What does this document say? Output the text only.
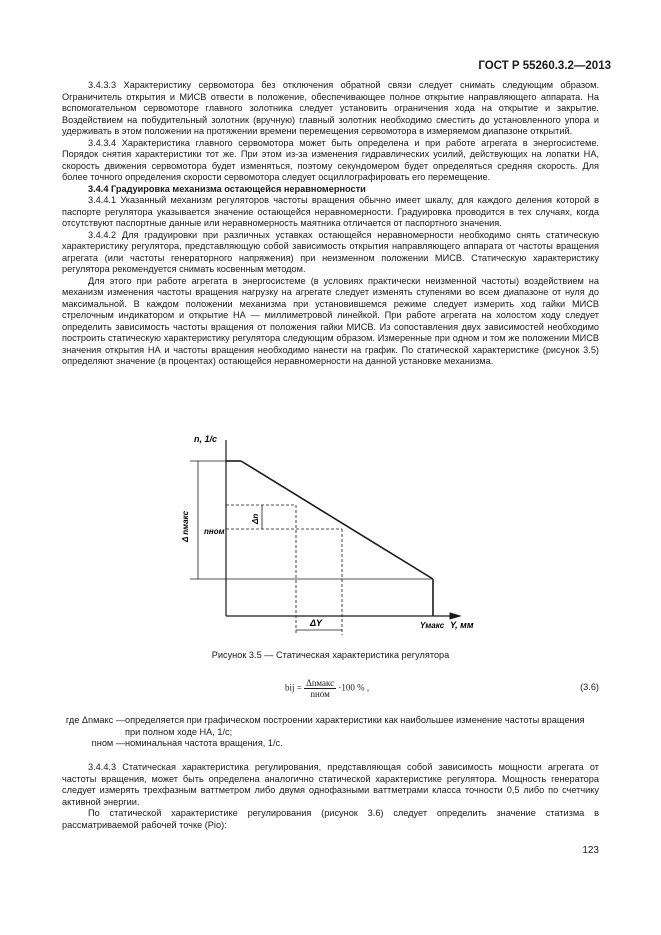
ГОСТ Р 55260.3.2—2013

3.4.3.3 Характеристику сервомотора без отключения обратной связи следует снимать следующим образом. Ограничитель открытия и МИСВ отвести в положение, обеспечивающее полное открытие направляющего аппарата. На вспомогательном сервомоторе главного золотника следует установить ограничения хода на открытие и закрытие. Воздействием на побудительный золотник (вручную) главный золотник необходимо сместить до установленного упора и удерживать в этом положении на протяжении времени перемещения сервомотора в измеряемом диапазоне открытий.

3.4.3.4 Характеристика главного сервомотора может быть определена и при работе агрегата в энергосистеме. Порядок снятия характеристики тот же. При этом из-за изменения гидравлических усилий, действующих на лопатки НА, скорость движения сервомотора будет изменяться, поэтому секундомером будет определяться средняя скорость. Для более точного определения скорости сервомотора следует осциллографировать его перемещение.

3.4.4 Градуировка механизма остающейся неравномерности

3.4.4.1 Указанный механизм регуляторов частоты вращения обычно имеет шкалу, для каждого деления которой в паспорте регулятора указывается значение остающейся неравномерности. Градуировка проводится в тех случаях, когда отсутствуют паспортные данные или неравномерность маятника отличается от паспортного значения.

3.4.4.2 Для градуировки при различных уставках остающейся неравномерности необходимо снять статическую характеристику регулятора, представляющую собой зависимость открытия направляющего аппарата от частоты вращения агрегата (или частоты генераторного напряжения) при неизменном положении МИСВ. Статическую характеристику регулятора рекомендуется снимать косвенным методом.

Для этого при работе агрегата в энергосистеме (в условиях практически неизменной частоты) воздействием на механизм изменения частоты вращения нагрузку на агрегате следует изменять ступенями во всем диапазоне от нуля до максимальной. В каждом положении механизма при установившемся режиме следует измерить ход гайки МИСВ стрелочным индикатором и открытие НА — миллиметровой линейкой. При работе агрегата на холостом ходу следует определить зависимость частоты вращения от положения гайки МИСВ. Из сопоставления двух зависимостей необходимо построить статическую характеристику регулятора следующим образом. Измеренные при одном и том же положении МИСВ значения открытия НА и частоты вращения необходимо нанести на график. По статической характеристике (рисунок 3.5) определяют значение (в процентах) остающейся неравномерности на данной установке механизма.

n, 1/с
Y, мм
Δ nмакс nном
Δn
ΔY	Yмакс
Рисунок 3.5 — Статическая характеристика регулятора
bij = $\frac{\text{Δnмакс}}{\text{nном}} \cdot 100$ % ,	(3.6)
где Δnмакс — определяется при графическом построении характеристики как наибольшее изменение частоты вращения при полном ходе НА, 1/с;
nном — номинальная частота вращения, 1/с.

3.4.4.3 Статическая характеристика регулирования, представляющая собой зависимость мощности агрегата от частоты вращения, может быть определена аналогично статической характеристике регулятора. Мощность генератора следует измерять трехфазным ваттметром либо двумя однофазными ваттметрами класса точности 0,5 либо по счетчику активной энергии.

По статической характеристике регулирования (рисунок 3.6) следует определить значение статизма в рассматриваемой рабочей точке (Pio):

123
